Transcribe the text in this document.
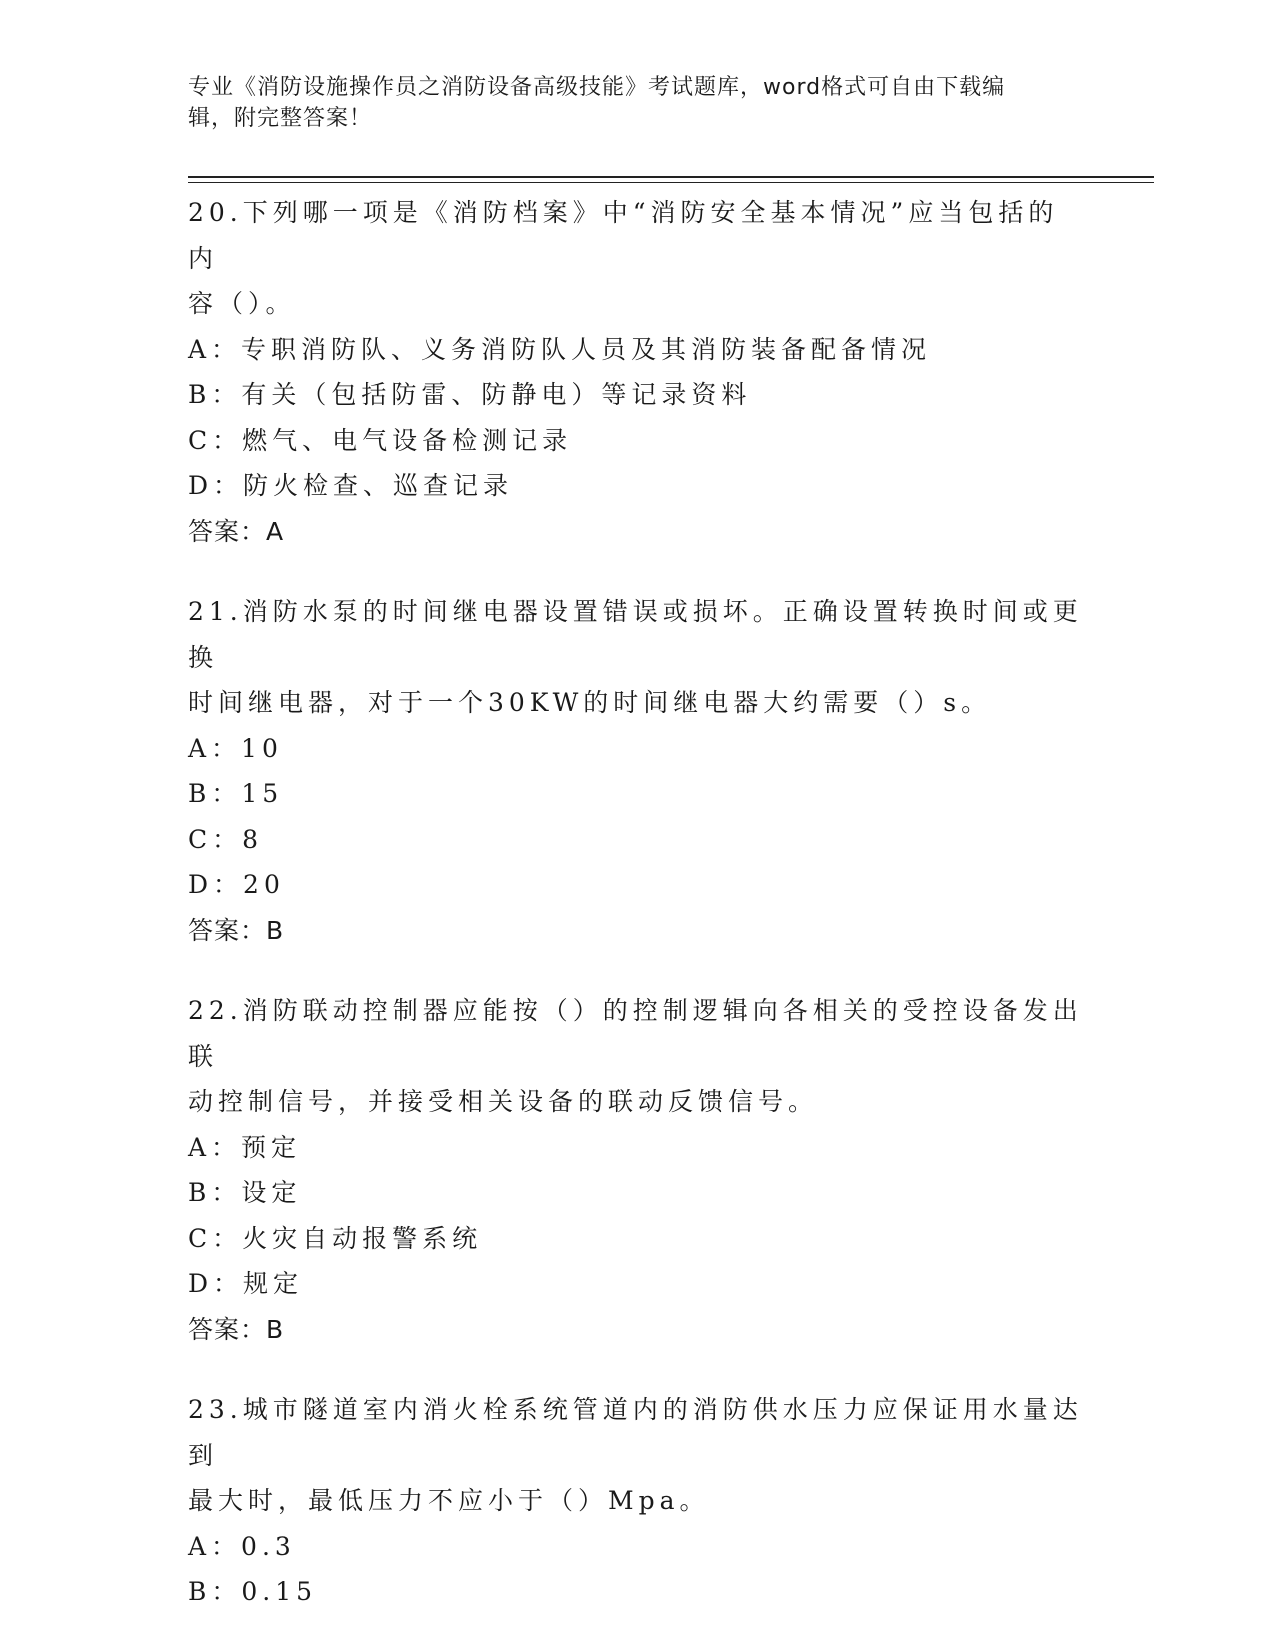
专业《消防设施操作员之消防设备高级技能》考试题库，word格式可自由下载编
辑，附完整答案！

20.下列哪一项是《消防档案》中“消防安全基本情况”应当包括的内

容（）。

A：专职消防队、义务消防队人员及其消防装备配备情况

B：有关（包括防雷、防静电）等记录资料

C：燃气、电气设备检测记录

D：防火检查、巡查记录

答案：A

21.消防水泵的时间继电器设置错误或损坏。正确设置转换时间或更换

时间继电器，对于一个30KW的时间继电器大约需要（）s。

A：10

B：15

C：8

D：20

答案：B

22.消防联动控制器应能按（）的控制逻辑向各相关的受控设备发出联

动控制信号，并接受相关设备的联动反馈信号。

A：预定

B：设定

C：火灾自动报警系统

D：规定

答案：B

23.城市隧道室内消火栓系统管道内的消防供水压力应保证用水量达到

最大时，最低压力不应小于（）Mpa。

A：0.3

B：0.15
